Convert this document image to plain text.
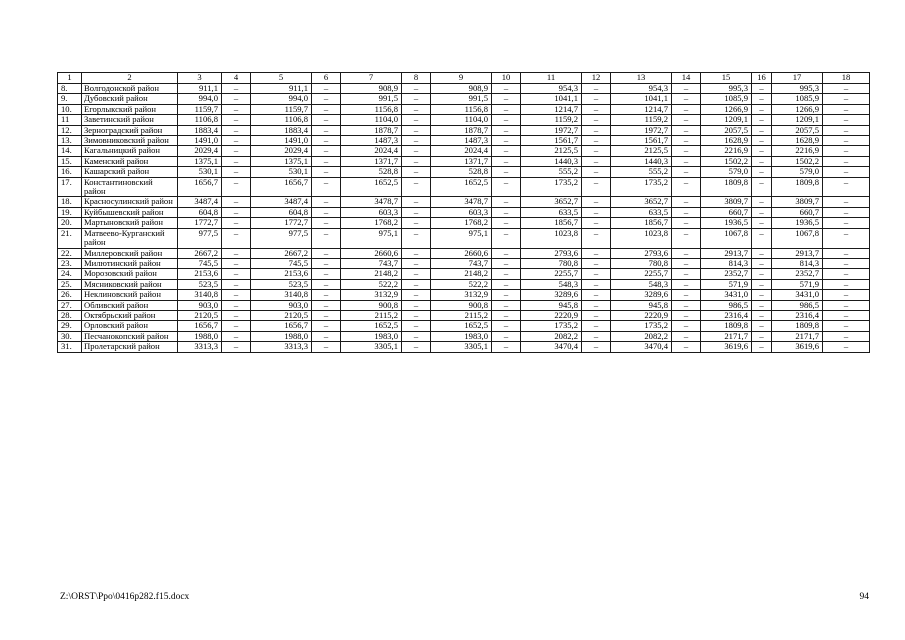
1	2	3	4	5	6	7	8	9	10	11	12	13	14	15	16	17	18
8.	Волгодонской район	911,1	–	911,1	–	908,9	–	908,9	–	954,3	–	954,3	–	995,3	–	995,3	–
9.	Дубовский район	994,0	–	994,0	–	991,5	–	991,5	–	1041,1	–	1041,1	–	1085,9	–	1085,9	–
10.	Егорлыкский район	1159,7	–	1159,7	–	1156,8	–	1156,8	–	1214,7	–	1214,7	–	1266,9	–	1266,9	–
11	Заветинский район	1106,8	–	1106,8	–	1104,0	–	1104,0	–	1159,2	–	1159,2	–	1209,1	–	1209,1	–
12.	Зерноградский район	1883,4	–	1883,4	–	1878,7	–	1878,7	–	1972,7	–	1972,7	–	2057,5	–	2057,5	–
13.	Зимовниковский район	1491,0	–	1491,0	–	1487,3	–	1487,3	–	1561,7	–	1561,7	–	1628,9	–	1628,9	–
14.	Кагальницкий район	2029,4	–	2029,4	–	2024,4	–	2024,4	–	2125,5	–	2125,5	–	2216,9	–	2216,9	–
15.	Каменский район	1375,1	–	1375,1	–	1371,7	–	1371,7	–	1440,3	–	1440,3	–	1502,2	–	1502,2	–
16.	Кашарский район	530,1	–	530,1	–	528,8	–	528,8	–	555,2	–	555,2	–	579,0	–	579,0	–
17.	Константиновский район	1656,7	–	1656,7	–	1652,5	–	1652,5	–	1735,2	–	1735,2	–	1809,8	–	1809,8	–
18.	Красносулинский район	3487,4	–	3487,4	–	3478,7	–	3478,7	–	3652,7	–	3652,7	–	3809,7	–	3809,7	–
19.	Куйбышевский район	604,8	–	604,8	–	603,3	–	603,3	–	633,5	–	633,5	–	660,7	–	660,7	–
20.	Мартыновский район	1772,7	–	1772,7	–	1768,2	–	1768,2	–	1856,7	–	1856,7	–	1936,5	–	1936,5	–
21.	Матвеево-Курганский район	977,5	–	977,5	–	975,1	–	975,1	–	1023,8	–	1023,8	–	1067,8	–	1067,8	–
22.	Миллеровский район	2667,2	–	2667,2	–	2660,6	–	2660,6	–	2793,6	–	2793,6	–	2913,7	–	2913,7	–
23.	Милютинский район	745,5	–	745,5	–	743,7	–	743,7	–	780,8	–	780,8	–	814,3	–	814,3	–
24.	Морозовский район	2153,6	–	2153,6	–	2148,2	–	2148,2	–	2255,7	–	2255,7	–	2352,7	–	2352,7	–
25.	Мясниковский район	523,5	–	523,5	–	522,2	–	522,2	–	548,3	–	548,3	–	571,9	–	571,9	–
26.	Неклиновский район	3140,8	–	3140,8	–	3132,9	–	3132,9	–	3289,6	–	3289,6	–	3431,0	–	3431,0	–
27.	Обливский район	903,0	–	903,0	–	900,8	–	900,8	–	945,8	–	945,8	–	986,5	–	986,5	–
28.	Октябрьский район	2120,5	–	2120,5	–	2115,2	–	2115,2	–	2220,9	–	2220,9	–	2316,4	–	2316,4	–
29.	Орловский район	1656,7	–	1656,7	–	1652,5	–	1652,5	–	1735,2	–	1735,2	–	1809,8	–	1809,8	–
30.	Песчанокопский район	1988,0	–	1988,0	–	1983,0	–	1983,0	–	2082,2	–	2082,2	–	2171,7	–	2171,7	–
31.	Пролетарский район	3313,3	–	3313,3	–	3305,1	–	3305,1	–	3470,4	–	3470,4	–	3619,6	–	3619,6	–
Z:\ORST\Ppo\0416p282.f15.docx	94
